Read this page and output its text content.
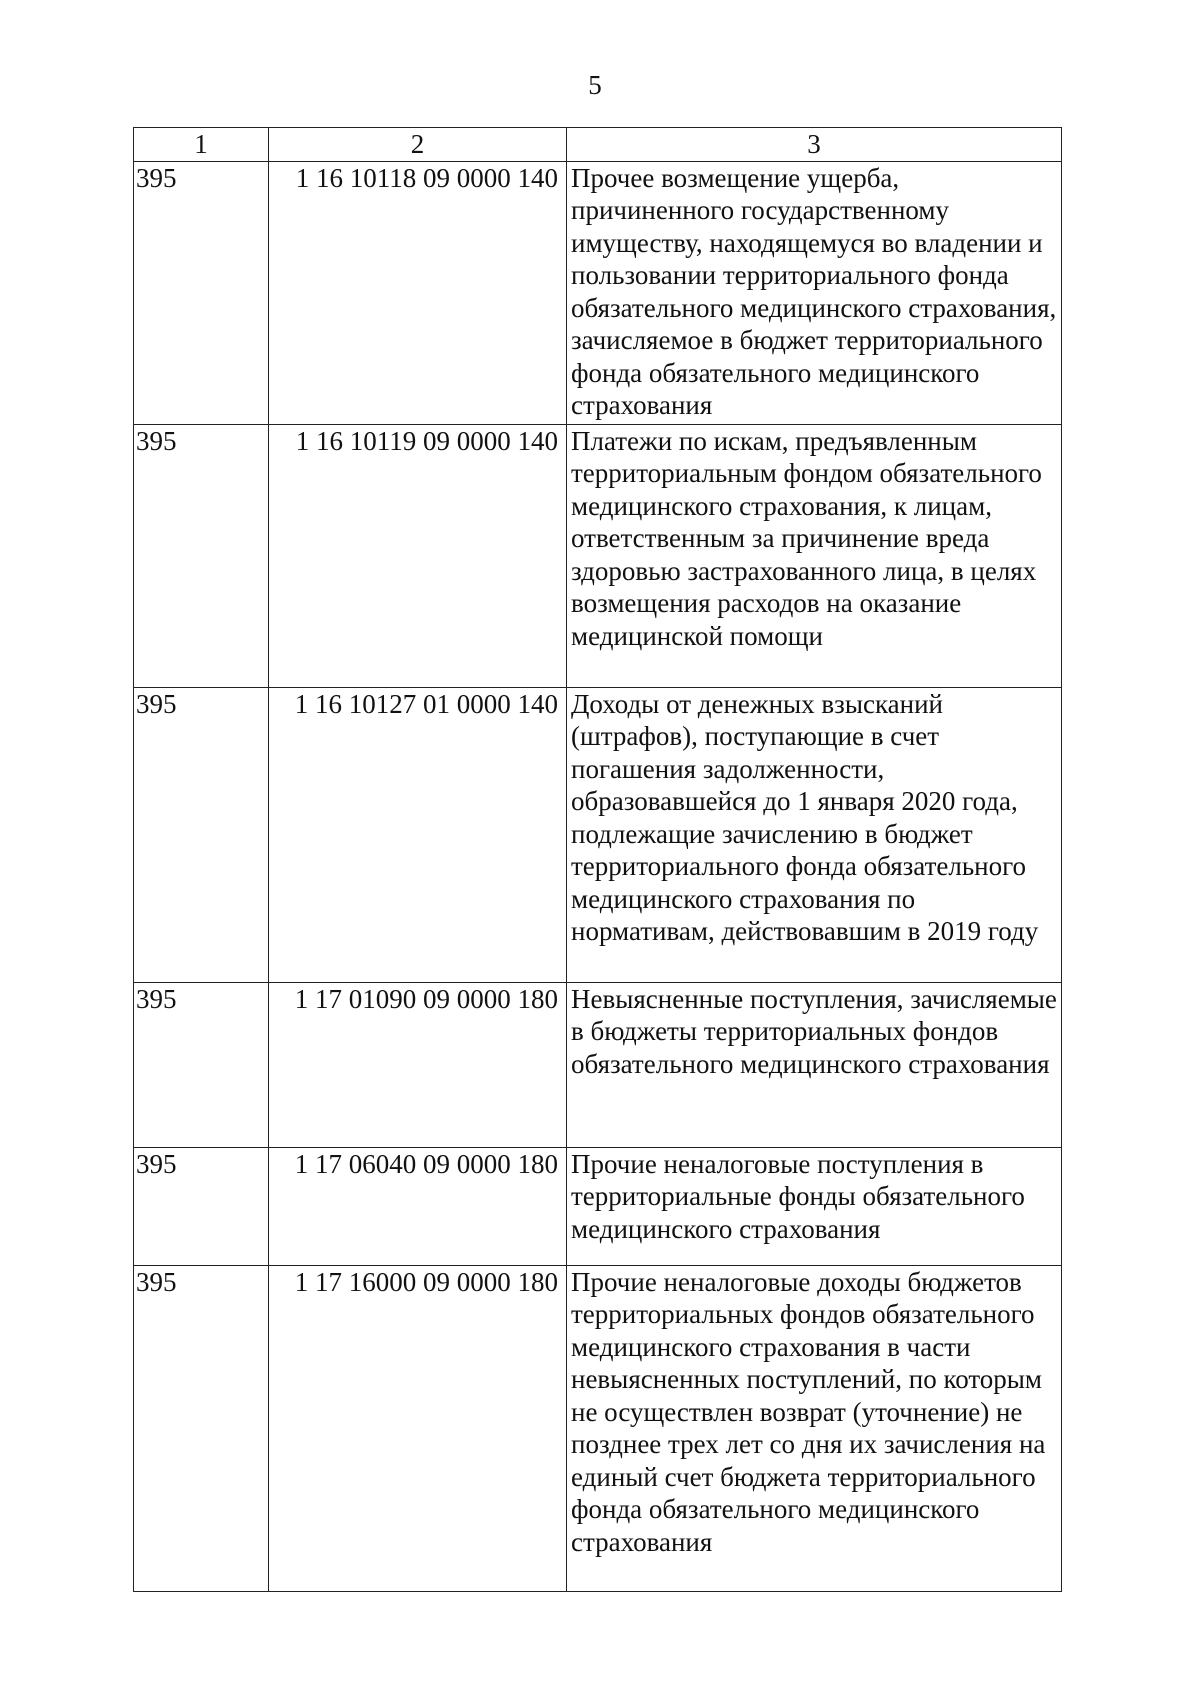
5
1	2	3
395	1 16 10118 09 0000 140	Прочее возмещение ущерба, причиненного государственному имуществу, находящемуся во владении и пользовании территориального фонда обязательного медицинского страхования, зачисляемое в бюджет территориального фонда обязательного медицинского страхования
395	1 16 10119 09 0000 140	Платежи по искам, предъявленным территориальным фондом обязательного медицинского страхования, к лицам, ответственным за причинение вреда здоровью застрахованного лица, в целях возмещения расходов на оказание медицинской помощи
395	1 16 10127 01 0000 140	Доходы от денежных взысканий (штрафов), поступающие в счет погашения задолженности, образовавшейся до 1 января 2020 года, подлежащие зачислению в бюджет территориального фонда обязательного медицинского страхования по нормативам, действовавшим в 2019 году
395	1 17 01090 09 0000 180	Невыясненные поступления, зачисляемые в бюджеты территориальных фондов обязательного медицинского страхования
395	1 17 06040 09 0000 180	Прочие неналоговые поступления в территориальные фонды обязательного медицинского страхования
395	1 17 16000 09 0000 180	Прочие неналоговые доходы бюджетов территориальных фондов обязательного медицинского страхования в части невыясненных поступлений, по которым не осуществлен возврат (уточнение) не позднее трех лет со дня их зачисления на единый счет бюджета территориального фонда обязательного медицинского страхования
